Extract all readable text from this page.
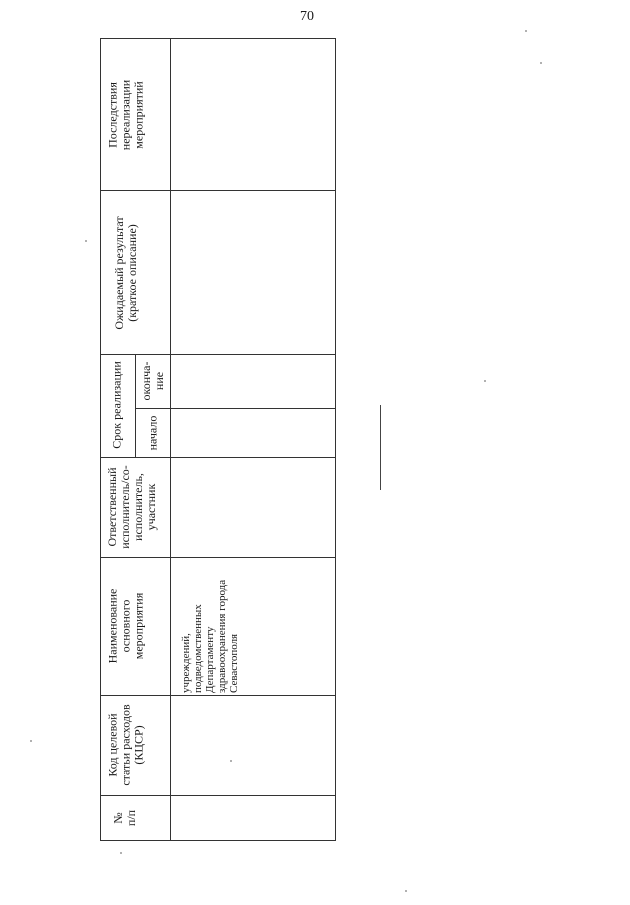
70
№ п/п
Код целевой статьи расходов (КЦСР)
Наименование основного мероприятия
Ответственный исполнитель/со- исполнитель, участник
Срок реализации начало
оконча- ние
Ожидаемый результат (краткое описание)
Последствия нереализации мероприятий
учреждений, подведомственных Департаменту здравоохранения города Севастополя
